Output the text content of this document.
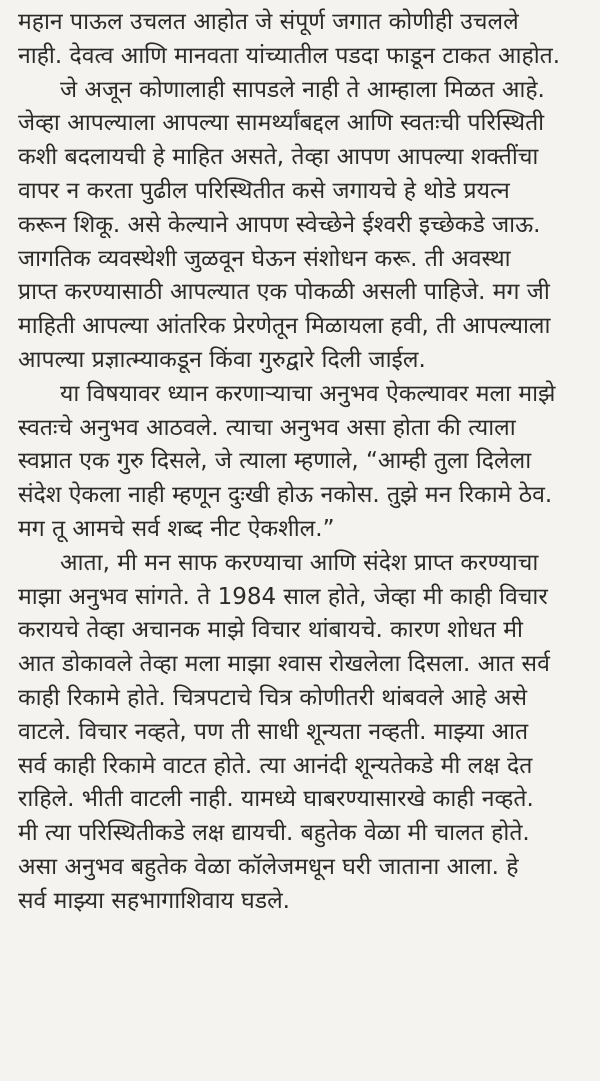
महान पाऊल उचलत आहोत जे संपूर्ण जगात कोणीही उचलले
नाही. देवत्व आणि मानवता यांच्यातील पडदा फाडून टाकत आहोत.

जे अजून कोणालाही सापडले नाही ते आम्हाला मिळत आहे.

जेव्हा आपल्याला आपल्या सामर्थ्यांबद्दल आणि स्वतःची परिस्थिती
कशी बदलायची हे माहित असते, तेव्हा आपण आपल्या शक्तींचा
वापर न करता पुढील परिस्थितीत कसे जगायचे हे थोडे प्रयत्न
करून शिकू. असे केल्याने आपण स्वेच्छेने ईश्वरी इच्छेकडे जाऊ.
जागतिक व्यवस्थेशी जुळवून घेऊन संशोधन करू. ती अवस्था
प्राप्त करण्यासाठी आपल्यात एक पोकळी असली पाहिजे. मग जी
माहिती आपल्या आंतरिक प्रेरणेतून मिळायला हवी, ती आपल्याला
आपल्या प्रज्ञात्म्याकडून किंवा गुरुद्वारे दिली जाईल.

या विषयावर ध्यान करणाऱ्याचा अनुभव ऐकल्यावर मला माझे

स्वतःचे अनुभव आठवले. त्याचा अनुभव असा होता की त्याला
स्वप्नात एक गुरु दिसले, जे त्याला म्हणाले, “आम्ही तुला दिलेला
संदेश ऐकला नाही म्हणून दुःखी होऊ नकोस. तुझे मन रिकामे ठेव.
मग तू आमचे सर्व शब्द नीट ऐकशील.”

आता, मी मन साफ करण्याचा आणि संदेश प्राप्त करण्याचा

माझा अनुभव सांगते. ते 1984 साल होते, जेव्हा मी काही विचार
करायचे तेव्हा अचानक माझे विचार थांबायचे. कारण शोधत मी
आत डोकावले तेव्हा मला माझा श्वास रोखलेला दिसला. आत सर्व
काही रिकामे होते. चित्रपटाचे चित्र कोणीतरी थांबवले आहे असे
वाटले. विचार नव्हते, पण ती साधी शून्यता नव्हती. माझ्या आत
सर्व काही रिकामे वाटत होते. त्या आनंदी शून्यतेकडे मी लक्ष देत
राहिले. भीती वाटली नाही. यामध्ये घाबरण्यासारखे काही नव्हते.
मी त्या परिस्थितीकडे लक्ष द्यायची. बहुतेक वेळा मी चालत होते.
असा अनुभव बहुतेक वेळा कॉलेजमधून घरी जाताना आला. हे
सर्व माझ्या सहभागाशिवाय घडले.
